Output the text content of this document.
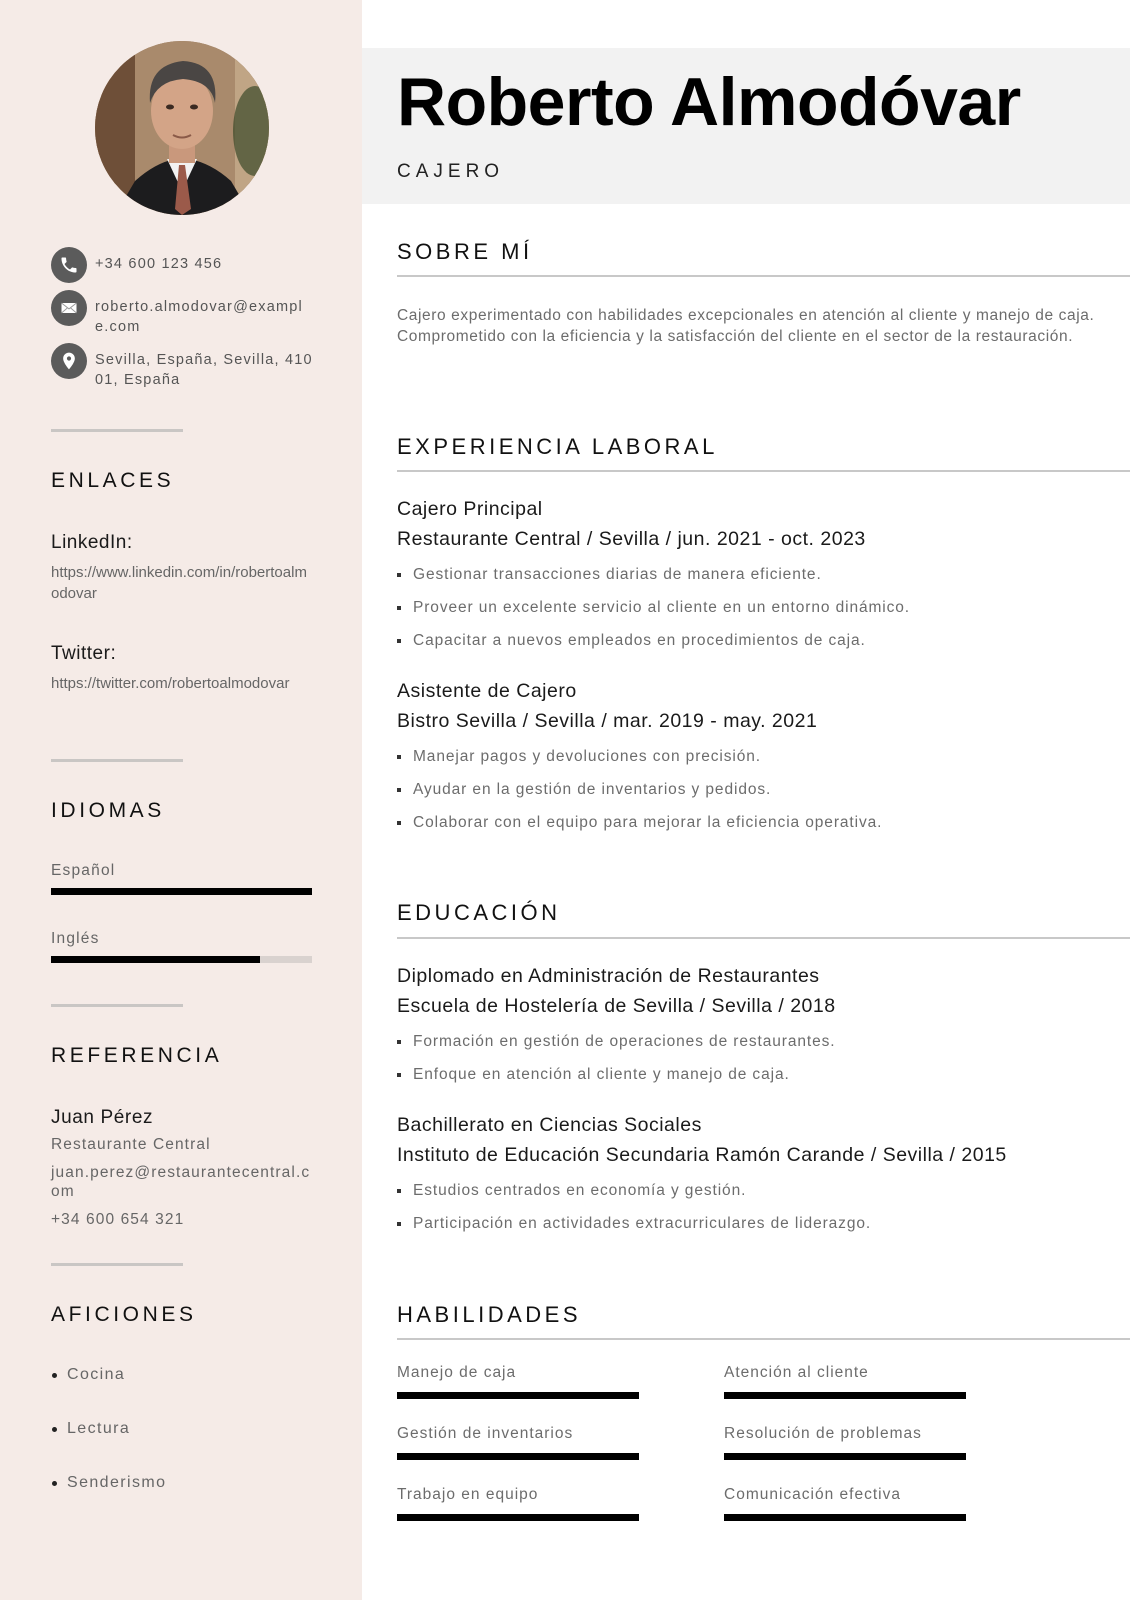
+34 600 123 456
roberto.almodovar@example.com
Sevilla, España, Sevilla, 41001, España
ENLACES
LinkedIn:
https://www.linkedin.com/in/robertoalmodovar
Twitter:
https://twitter.com/robertoalmodovar
IDIOMAS
Español
Inglés
REFERENCIA
Juan Pérez
Restaurante Central
juan.perez@restaurantecentral.com
+34 600 654 321
AFICIONES
Cocina
Lectura
Senderismo
Roberto Almodóvar
CAJERO
SOBRE MÍ
Cajero experimentado con habilidades excepcionales en atención al cliente y manejo de caja. Comprometido con la eficiencia y la satisfacción del cliente en el sector de la restauración.
EXPERIENCIA LABORAL
Cajero Principal
Restaurante Central / Sevilla / jun. 2021 - oct. 2023
Gestionar transacciones diarias de manera eficiente.
Proveer un excelente servicio al cliente en un entorno dinámico.
Capacitar a nuevos empleados en procedimientos de caja.
Asistente de Cajero
Bistro Sevilla / Sevilla / mar. 2019 - may. 2021
Manejar pagos y devoluciones con precisión.
Ayudar en la gestión de inventarios y pedidos.
Colaborar con el equipo para mejorar la eficiencia operativa.
EDUCACIÓN
Diplomado en Administración de Restaurantes
Escuela de Hostelería de Sevilla / Sevilla / 2018
Formación en gestión de operaciones de restaurantes.
Enfoque en atención al cliente y manejo de caja.
Bachillerato en Ciencias Sociales
Instituto de Educación Secundaria Ramón Carande / Sevilla / 2015
Estudios centrados en economía y gestión.
Participación en actividades extracurriculares de liderazgo.
HABILIDADES
Manejo de caja	Atención al cliente
Gestión de inventarios	Resolución de problemas
Trabajo en equipo	Comunicación efectiva
